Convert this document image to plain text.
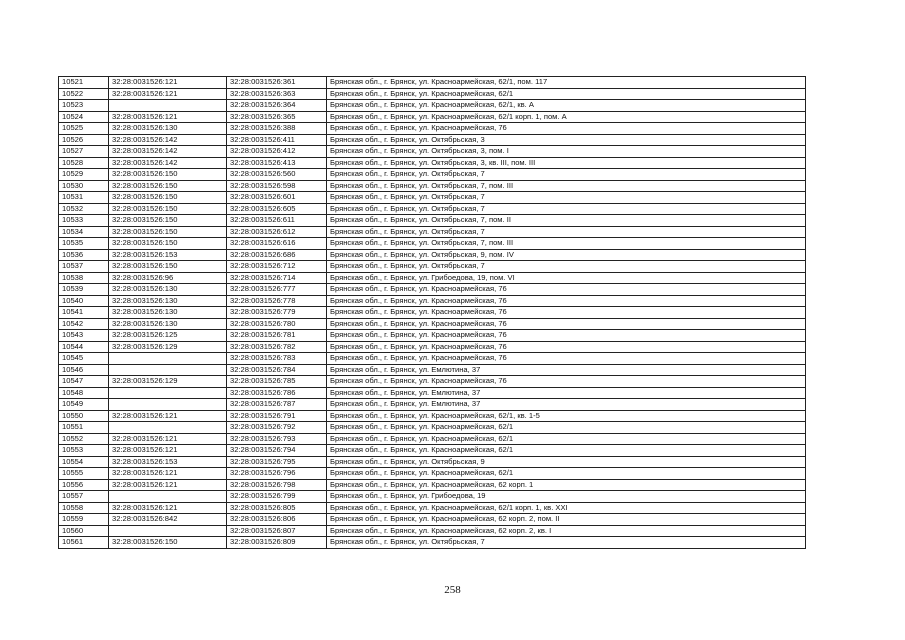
10521	32:28:0031526:121	32:28:0031526:361	Брянская обл., г. Брянск, ул. Красноармейская, 62/1, пом. 117
10522	32:28:0031526:121	32:28:0031526:363	Брянская обл., г. Брянск, ул. Красноармейская, 62/1
10523		32:28:0031526:364	Брянская обл., г. Брянск, ул. Красноармейская, 62/1, кв. А
10524	32:28:0031526:121	32:28:0031526:365	Брянская обл., г. Брянск, ул. Красноармейская, 62/1 корп. 1, пом. А
10525	32:28:0031526:130	32:28:0031526:388	Брянская обл., г. Брянск, ул. Красноармейская, 76
10526	32:28:0031526:142	32:28:0031526:411	Брянская обл., г. Брянск, ул. Октябрьская, 3
10527	32:28:0031526:142	32:28:0031526:412	Брянская обл., г. Брянск, ул. Октябрьская, 3, пом. I
10528	32:28:0031526:142	32:28:0031526:413	Брянская обл., г. Брянск, ул. Октябрьская, 3, кв. III, пом. III
10529	32:28:0031526:150	32:28:0031526:560	Брянская обл., г. Брянск, ул. Октябрьская, 7
10530	32:28:0031526:150	32:28:0031526:598	Брянская обл., г. Брянск, ул. Октябрьская, 7, пом. III
10531	32:28:0031526:150	32:28:0031526:601	Брянская обл., г. Брянск, ул. Октябрьская, 7
10532	32:28:0031526:150	32:28:0031526:605	Брянская обл., г. Брянск, ул. Октябрьская, 7
10533	32:28:0031526:150	32:28:0031526:611	Брянская обл., г. Брянск, ул. Октябрьская, 7, пом. II
10534	32:28:0031526:150	32:28:0031526:612	Брянская обл., г. Брянск, ул. Октябрьская, 7
10535	32:28:0031526:150	32:28:0031526:616	Брянская обл., г. Брянск, ул. Октябрьская, 7, пом. III
10536	32:28:0031526:153	32:28:0031526:686	Брянская обл., г. Брянск, ул. Октябрьская, 9, пом. IV
10537	32:28:0031526:150	32:28:0031526:712	Брянская обл., г. Брянск, ул. Октябрьская, 7
10538	32:28:0031526:96	32:28:0031526:714	Брянская обл., г. Брянск, ул. Грибоедова, 19, пом. VI
10539	32:28:0031526:130	32:28:0031526:777	Брянская обл., г. Брянск, ул. Красноармейская, 76
10540	32:28:0031526:130	32:28:0031526:778	Брянская обл., г. Брянск, ул. Красноармейская, 76
10541	32:28:0031526:130	32:28:0031526:779	Брянская обл., г. Брянск, ул. Красноармейская, 76
10542	32:28:0031526:130	32:28:0031526:780	Брянская обл., г. Брянск, ул. Красноармейская, 76
10543	32:28:0031526:125	32:28:0031526:781	Брянская обл., г. Брянск, ул. Красноармейская, 76
10544	32:28:0031526:129	32:28:0031526:782	Брянская обл., г. Брянск, ул. Красноармейская, 76
10545		32:28:0031526:783	Брянская обл., г. Брянск, ул. Красноармейская, 76
10546		32:28:0031526:784	Брянская обл., г. Брянск, ул. Емлютина, 37
10547	32:28:0031526:129	32:28:0031526:785	Брянская обл., г. Брянск, ул. Красноармейская, 76
10548		32:28:0031526:786	Брянская обл., г. Брянск, ул. Емлютина, 37
10549		32:28:0031526:787	Брянская обл., г. Брянск, ул. Емлютина, 37
10550	32:28:0031526:121	32:28:0031526:791	Брянская обл., г. Брянск, ул. Красноармейская, 62/1, кв. 1-5
10551		32:28:0031526:792	Брянская обл., г. Брянск, ул. Красноармейская, 62/1
10552	32:28:0031526:121	32:28:0031526:793	Брянская обл., г. Брянск, ул. Красноармейская, 62/1
10553	32:28:0031526:121	32:28:0031526:794	Брянская обл., г. Брянск, ул. Красноармейская, 62/1
10554	32:28:0031526:153	32:28:0031526:795	Брянская обл., г. Брянск, ул. Октябрьская, 9
10555	32:28:0031526:121	32:28:0031526:796	Брянская обл., г. Брянск, ул. Красноармейская, 62/1
10556	32:28:0031526:121	32:28:0031526:798	Брянская обл., г. Брянск, ул. Красноармейская, 62 корп. 1
10557		32:28:0031526:799	Брянская обл., г. Брянск, ул. Грибоедова, 19
10558	32:28:0031526:121	32:28:0031526:805	Брянская обл., г. Брянск, ул. Красноармейская, 62/1 корп. 1, кв. XXI
10559	32:28:0031526:842	32:28:0031526:806	Брянская обл., г. Брянск, ул. Красноармейская, 62 корп. 2, пом. II
10560		32:28:0031526:807	Брянская обл., г. Брянск, ул. Красноармейская, 62 корп. 2, кв. I
10561	32:28:0031526:150	32:28:0031526:809	Брянская обл., г. Брянск, ул. Октябрьская, 7
258
